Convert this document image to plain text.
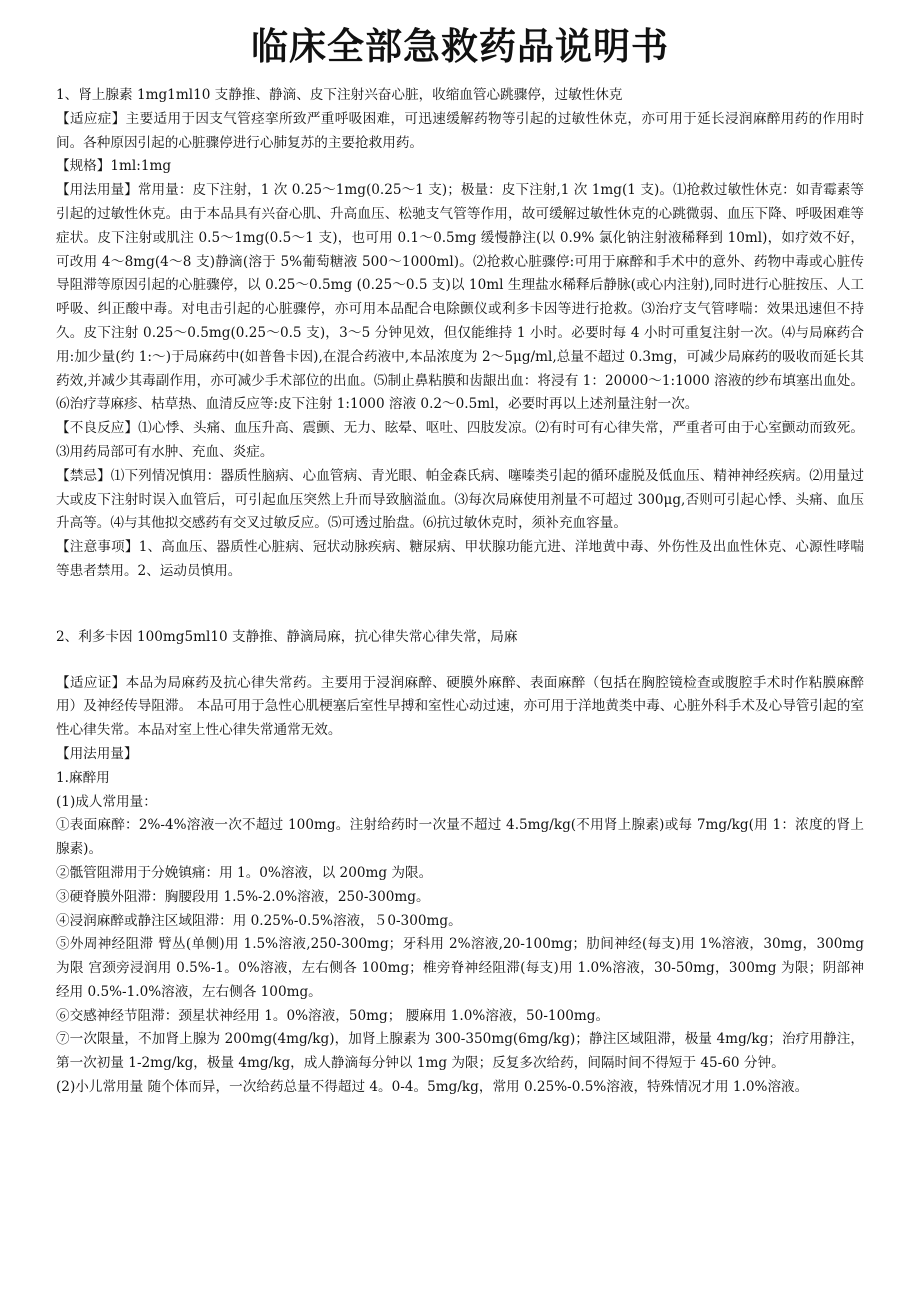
临床全部急救药品说明书

1、肾上腺素 1mg1ml10 支静推、静滴、皮下注射兴奋心脏，收缩血管心跳骤停，过敏性休克

【适应症】主要适用于因支气管痉挛所致严重呼吸困难，可迅速缓解药物等引起的过敏性休克，亦可用于延长浸润麻醉用药的作用时间。各种原因引起的心脏骤停进行心肺复苏的主要抢救用药。

【规格】1ml:1mg

【用法用量】常用量：皮下注射，1 次 0.25～1mg(0.25～1 支)；极量：皮下注射,1 次 1mg(1 支)。⑴抢救过敏性休克：如青霉素等引起的过敏性休克。由于本品具有兴奋心肌、升高血压、松驰支气管等作用，故可缓解过敏性休克的心跳微弱、血压下降、呼吸困难等症状。皮下注射或肌注 0.5～1mg(0.5～1 支)，也可用 0.1～0.5mg 缓慢静注(以 0.9% 氯化钠注射液稀释到 10ml)，如疗效不好，可改用 4～8mg(4～8 支)静滴(溶于 5%葡萄糖液 500～1000ml)。⑵抢救心脏骤停:可用于麻醉和手术中的意外、药物中毒或心脏传导阻滞等原因引起的心脏骤停，以 0.25～0.5mg (0.25～0.5 支)以 10ml 生理盐水稀释后静脉(或心内注射),同时进行心脏按压、人工呼吸、纠正酸中毒。对电击引起的心脏骤停，亦可用本品配合电除颤仪或利多卡因等进行抢救。⑶治疗支气管哮喘：效果迅速但不持久。皮下注射 0.25～0.5mg(0.25～0.5 支)，3～5 分钟见效，但仅能维持 1 小时。必要时每 4 小时可重复注射一次。⑷与局麻药合用:加少量(约 1:～)于局麻药中(如普鲁卡因),在混合药液中,本品浓度为 2～5μg/ml,总量不超过 0.3mg，可减少局麻药的吸收而延长其药效,并减少其毒副作用，亦可减少手术部位的出血。⑸制止鼻粘膜和齿龈出血：将浸有 1：20000～1:1000 溶液的纱布填塞出血处。⑹治疗荨麻疹、枯草热、血清反应等:皮下注射 1:1000 溶液 0.2～0.5ml，必要时再以上述剂量注射一次。

【不良反应】⑴心悸、头痛、血压升高、震颤、无力、眩晕、呕吐、四肢发凉。⑵有时可有心律失常，严重者可由于心室颤动而致死。⑶用药局部可有水肿、充血、炎症。

【禁忌】⑴下列情况慎用：器质性脑病、心血管病、青光眼、帕金森氏病、噻嗪类引起的循环虚脱及低血压、精神神经疾病。⑵用量过大或皮下注射时误入血管后，可引起血压突然上升而导致脑溢血。⑶每次局麻使用剂量不可超过 300μg,否则可引起心悸、头痛、血压升高等。⑷与其他拟交感药有交叉过敏反应。⑸可透过胎盘。⑹抗过敏休克时，须补充血容量。

【注意事项】1、高血压、器质性心脏病、冠状动脉疾病、糖尿病、甲状腺功能亢进、洋地黄中毒、外伤性及出血性休克、心源性哮喘等患者禁用。2、运动员慎用。

2、利多卡因 100mg5ml10 支静推、静滴局麻，抗心律失常心律失常，局麻

【适应证】本品为局麻药及抗心律失常药。主要用于浸润麻醉、硬膜外麻醉、表面麻醉（包括在胸腔镜检查或腹腔手术时作粘膜麻醉用）及神经传导阻滞。 本品可用于急性心肌梗塞后室性早搏和室性心动过速，亦可用于洋地黄类中毒、心脏外科手术及心导管引起的室性心律失常。本品对室上性心律失常通常无效。

【用法用量】

1.麻醉用

(1)成人常用量：

①表面麻醉：2%-4%溶液一次不超过 100mg。注射给药时一次量不超过 4.5mg/kg(不用肾上腺素)或每 7mg/kg(用 1：浓度的肾上腺素)。

②骶管阻滞用于分娩镇痛：用 1。0%溶液，以 200mg 为限。

③硬脊膜外阻滞：胸腰段用 1.5%-2.0%溶液，250-300mg。

④浸润麻醉或静注区域阻滞：用 0.25%-0.5%溶液，５0-300mg。

⑤外周神经阻滞 臂丛(单侧)用 1.5%溶液,250-300mg；牙科用 2%溶液,20-100mg；肋间神经(每支)用 1%溶液，30mg，300mg 为限 宫颈旁浸润用 0.5%-1。0%溶液，左右侧各 100mg；椎旁脊神经阻滞(每支)用 1.0%溶液，30-50mg，300mg 为限；阴部神经用 0.5%-1.0%溶液，左右侧各 100mg。

⑥交感神经节阻滞：颈星状神经用 1。0%溶液，50mg； 腰麻用 1.0%溶液，50-100mg。

⑦一次限量，不加肾上腺为 200mg(4mg/kg)，加肾上腺素为 300-350mg(6mg/kg)；静注区域阻滞，极量 4mg/kg；治疗用静注，第一次初量 1-2mg/kg，极量 4mg/kg，成人静滴每分钟以 1mg 为限；反复多次给药，间隔时间不得短于 45-60 分钟。

(2)小儿常用量 随个体而异，一次给药总量不得超过 4。0-4。5mg/kg，常用 0.25%-0.5%溶液，特殊情况才用 1.0%溶液。
